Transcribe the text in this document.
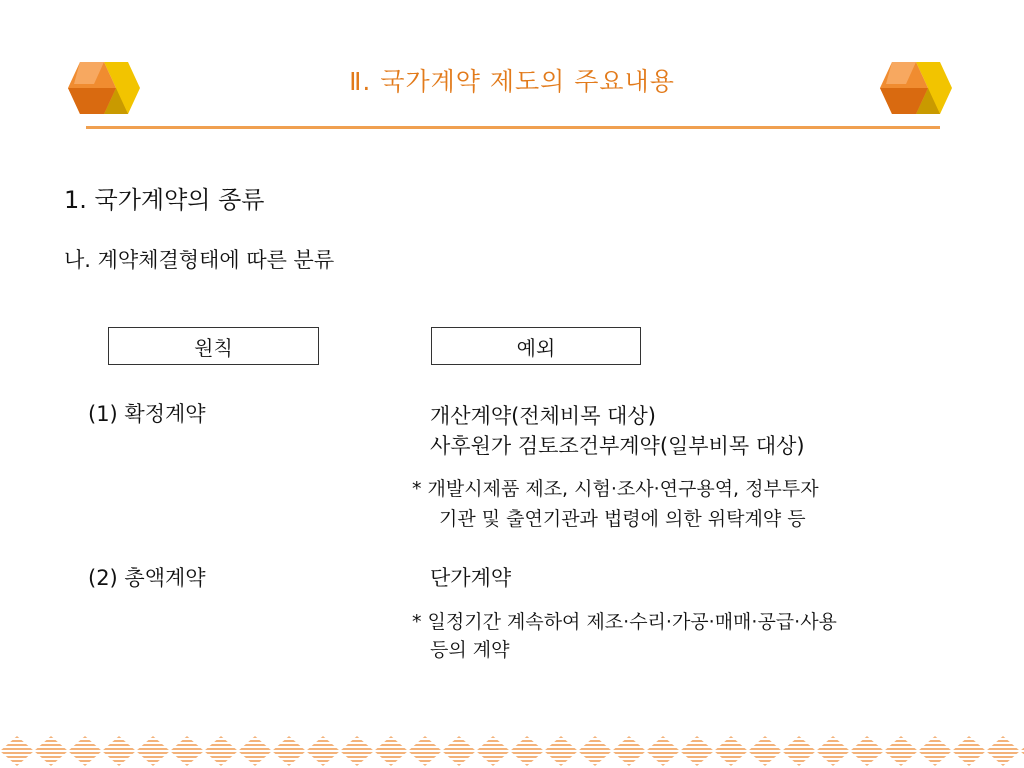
Ⅱ. 국가계약 제도의 주요내용
1. 국가계약의 종류
나. 계약체결형태에 따른 분류
원칙	예외
(1) 확정계약	개산계약(전체비목 대상)
사후원가 검토조건부계약(일부비목 대상)
* 개발시제품 제조, 시험·조사·연구용역, 정부투자
기관 및 출연기관과 법령에 의한 위탁계약 등
(2) 총액계약	단가계약
* 일정기간 계속하여 제조·수리·가공·매매·공급·사용
등의 계약
